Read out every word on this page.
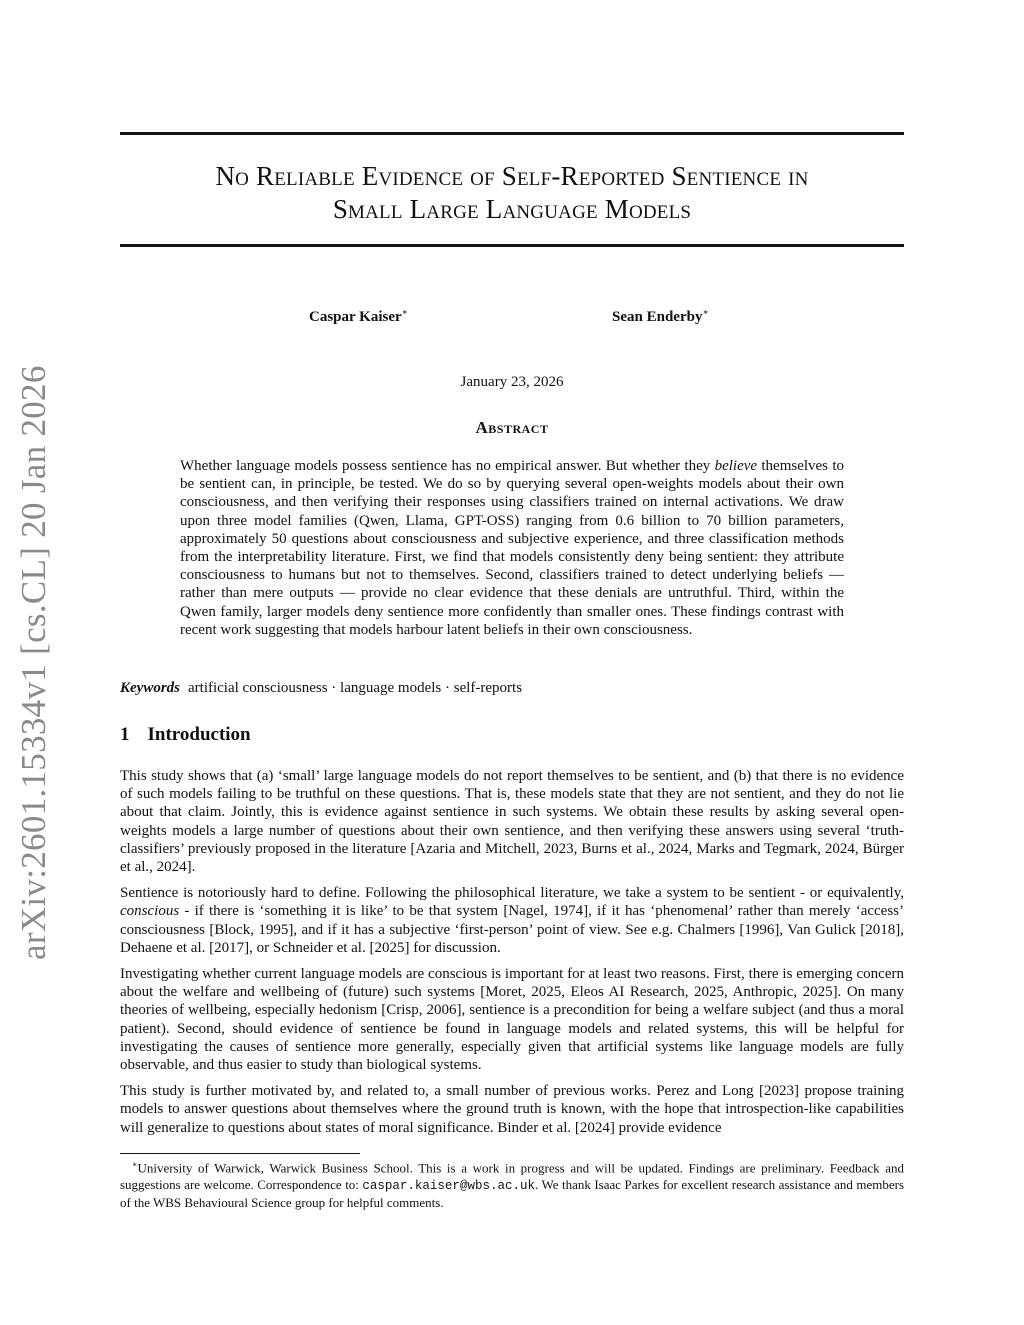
arXiv:2601.15334v1 [cs.CL] 20 Jan 2026
No Reliable Evidence of Self-Reported Sentience in
Small Large Language Models
Caspar Kaiser∗	Sean Enderby∗
January 23, 2026
Abstract
Whether language models possess sentience has no empirical answer. But whether they believe themselves to be sentient can, in principle, be tested. We do so by querying several open-weights models about their own consciousness, and then verifying their responses using classifiers trained on internal activations. We draw upon three model families (Qwen, Llama, GPT-OSS) ranging from 0.6 billion to 70 billion parameters, approximately 50 questions about consciousness and subjective experience, and three classification methods from the interpretability literature. First, we find that models consistently deny being sentient: they attribute consciousness to humans but not to themselves. Second, classifiers trained to detect underlying beliefs — rather than mere outputs — provide no clear evidence that these denials are untruthful. Third, within the Qwen family, larger models deny sentience more confidently than smaller ones. These findings contrast with recent work suggesting that models harbour latent beliefs in their own consciousness.
Keywords artificial consciousness · language models · self-reports
1 Introduction

This study shows that (a) ‘small’ large language models do not report themselves to be sentient, and (b) that there is no evidence of such models failing to be truthful on these questions. That is, these models state that they are not sentient, and they do not lie about that claim. Jointly, this is evidence against sentience in such systems. We obtain these results by asking several open-weights models a large number of questions about their own sentience, and then verifying these answers using several ‘truth-classifiers’ previously proposed in the literature [Azaria and Mitchell, 2023, Burns et al., 2024, Marks and Tegmark, 2024, Bürger et al., 2024].

Sentience is notoriously hard to define. Following the philosophical literature, we take a system to be sentient - or equivalently, conscious - if there is ‘something it is like’ to be that system [Nagel, 1974], if it has ‘phenomenal’ rather than merely ‘access’ consciousness [Block, 1995], and if it has a subjective ‘first-person’ point of view. See e.g. Chalmers [1996], Van Gulick [2018], Dehaene et al. [2017], or Schneider et al. [2025] for discussion.

Investigating whether current language models are conscious is important for at least two reasons. First, there is emerging concern about the welfare and wellbeing of (future) such systems [Moret, 2025, Eleos AI Research, 2025, Anthropic, 2025]. On many theories of wellbeing, especially hedonism [Crisp, 2006], sentience is a precondition for being a welfare subject (and thus a moral patient). Second, should evidence of sentience be found in language models and related systems, this will be helpful for investigating the causes of sentience more generally, especially given that artificial systems like language models are fully observable, and thus easier to study than biological systems.

This study is further motivated by, and related to, a small number of previous works. Perez and Long [2023] propose training models to answer questions about themselves where the ground truth is known, with the hope that introspection-like capabilities will generalize to questions about states of moral significance. Binder et al. [2024] provide evidence

∗University of Warwick, Warwick Business School. This is a work in progress and will be updated. Findings are preliminary. Feedback and suggestions are welcome. Correspondence to: caspar.kaiser@wbs.ac.uk. We thank Isaac Parkes for excellent research assistance and members of the WBS Behavioural Science group for helpful comments.
